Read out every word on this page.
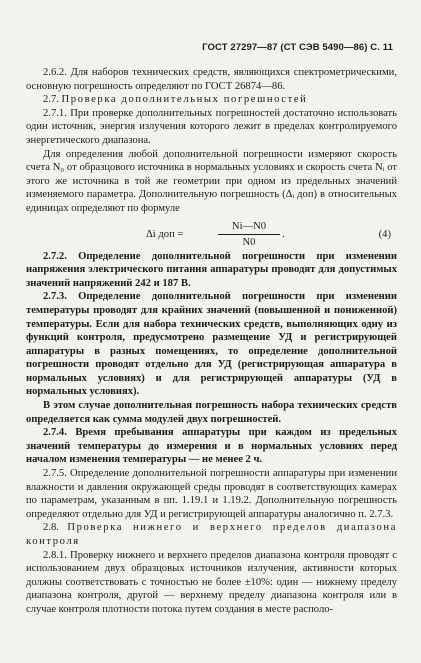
ГОСТ 27297—87 (СТ СЭВ 5490—86) С. 11

2.6.2. Для наборов технических средств, являющихся спектрометрическими, основную погрешность определяют по ГОСТ 26874—86.

2.7. Проверка дополнительных погрешностей

2.7.1. При проверке дополнительных погрешностей достаточно использовать один источник, энергия излучения которого лежит в пределах контролируемого энергетического диапазона.

Для определения любой дополнительной погрешности измеряют скорость счета N₀ от образцового источника в нормальных условиях и скорость счета Nᵢ от этого же источника в той же геометрии при одном из предельных значений изменяемого параметра. Дополнительную погрешность (Δᵢ доп) в относительных единицах определяют по формуле

Δi доп =	$\frac{Ni—N0}{N0}$ .	(4)

2.7.2. Определение дополнительной погрешности при изменении напряжения электрического питания аппаратуры проводят для допустимых значений напряжений 242 и 187 В.

2.7.3. Определение дополнительной погрешности при изменении температуры проводят для крайних значений (повышенной и пониженной) температуры. Если для набора технических средств, выполняющих одну из функций контроля, предусмотрено размещение УД и регистрирующей аппаратуры в разных помещениях, то определение дополнительной погрешности проводят отдельно для УД (регистрирующая аппаратура в нормальных условиях) и для регистрирующей аппаратуры (УД в нормальных условиях).

В этом случае дополнительная погрешность набора технических средств определяется как сумма модулей двух погрешностей.

2.7.4. Время пребывания аппаратуры при каждом из предельных значений температуры до измерения и в нормальных условиях перед началом изменения температуры — не менее 2 ч.

2.7.5. Определение дополнительной погрешности аппаратуры при изменении влажности и давления окружающей среды проводят в соответствующих камерах по параметрам, указанным в пп. 1.19.1 и 1.19.2. Дополнительную погрешность определяют отдельно для УД и регистрирующей аппаратуры аналогично п. 2.7.3.

2.8. Проверка нижнего и верхнего пределов диапазона контроля

2.8.1. Проверку нижнего и верхнего пределов диапазона контроля проводят с использованием двух образцовых источников излучения, активности которых должны соответствовать с точностью не более ±10%: один — нижнему пределу диапазона контроля, другой — верхнему пределу диапазона контроля или в случае контроля плотности потока путем создания в месте располо-
